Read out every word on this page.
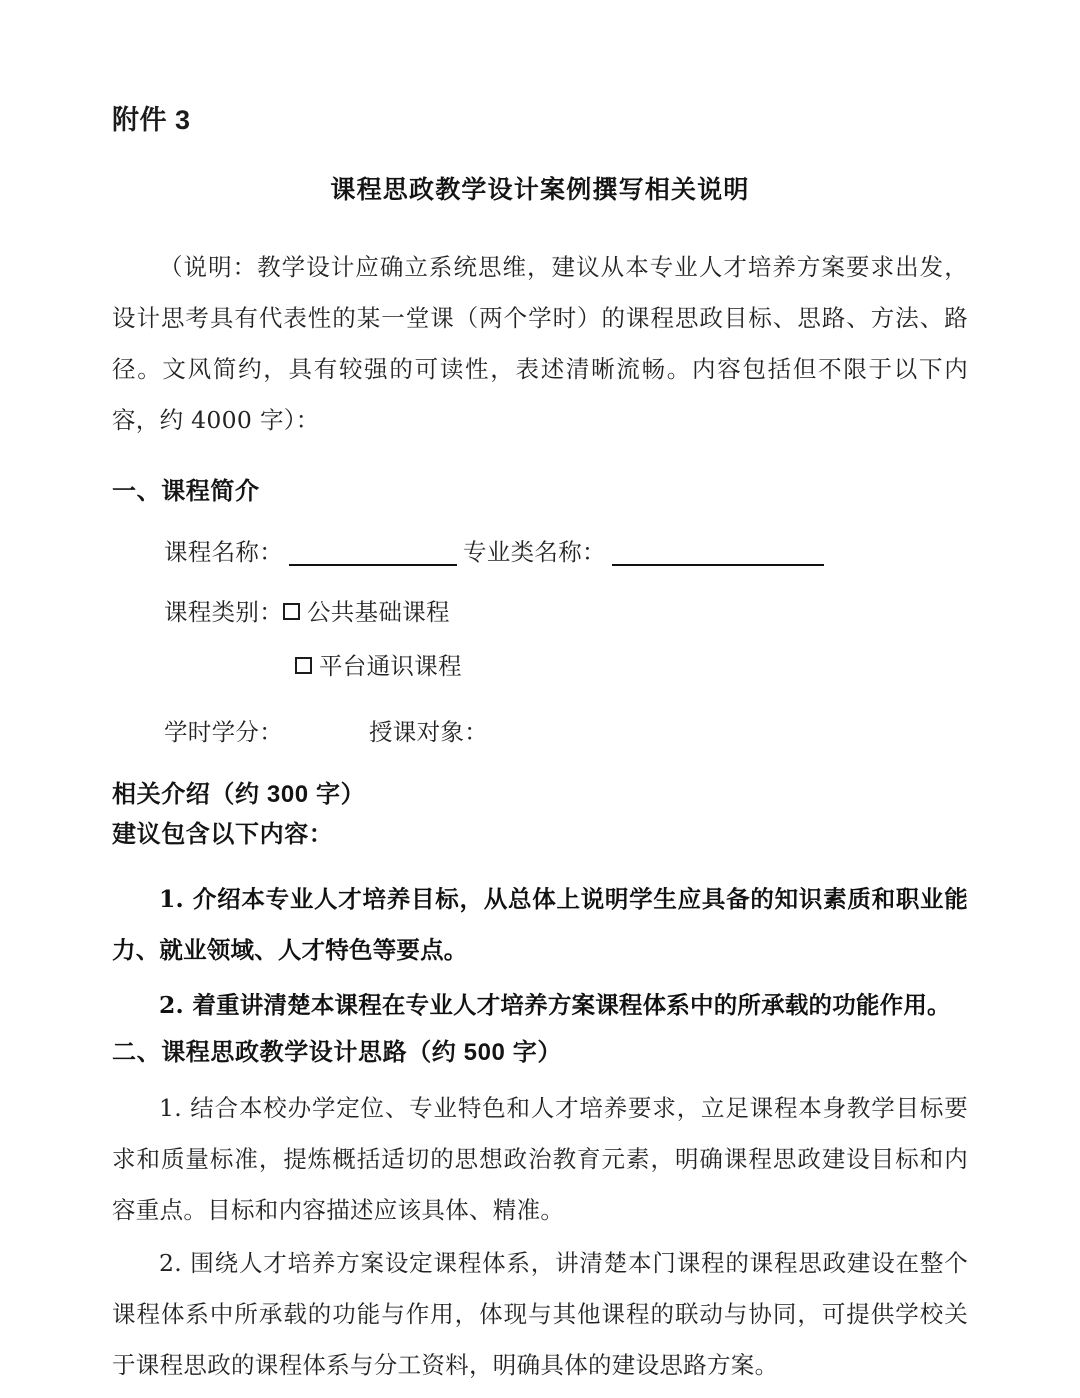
附件 3
课程思政教学设计案例撰写相关说明
（说明：教学设计应确立系统思维，建议从本专业人才培养方案要求出发，设计思考具有代表性的某一堂课（两个学时）的课程思政目标、思路、方法、路径。文风简约，具有较强的可读性，表述清晰流畅。内容包括但不限于以下内容，约 4000 字）：
一、课程简介
课程名称：	专业类名称：
课程类别： 公共基础课程
平台通识课程
学时学分：	授课对象：
相关介绍（约 300 字）
建议包含以下内容：
1. 介绍本专业人才培养目标，从总体上说明学生应具备的知识素质和职业能力、就业领域、人才特色等要点。
2. 着重讲清楚本课程在专业人才培养方案课程体系中的所承载的功能作用。
二、课程思政教学设计思路（约 500 字）
1. 结合本校办学定位、专业特色和人才培养要求，立足课程本身教学目标要求和质量标准，提炼概括适切的思想政治教育元素，明确课程思政建设目标和内容重点。目标和内容描述应该具体、精准。
2. 围绕人才培养方案设定课程体系，讲清楚本门课程的课程思政建设在整个课程体系中所承载的功能与作用，体现与其他课程的联动与协同，可提供学校关于课程思政的课程体系与分工资料，明确具体的建设思路方案。
